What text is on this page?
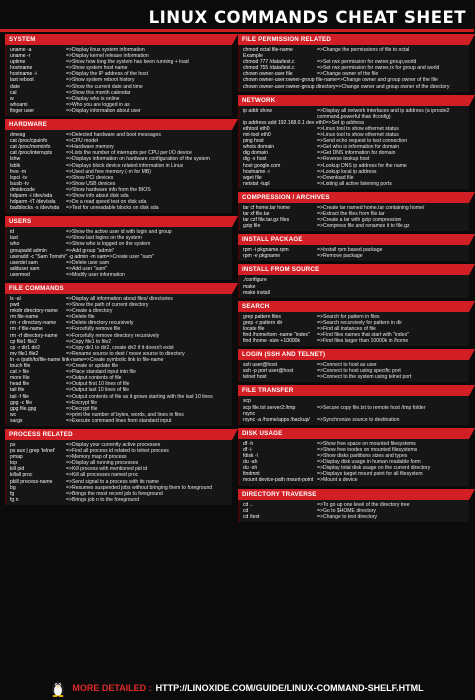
LINUX COMMANDS CHEAT SHEET
SYSTEM
uname -a	=>Display linux system information
uname -r	=>Display kernel release information
uptime	=>Show how long the system has been running + load
hostname	=>Show system host name
hostname -i	=>Display the IP address of the host
last reboot	=>Show system reboot history
date	=>Show the current date and time
cal	=>Show this month calendar
w	=>Display who is online
whoami	=>Who you are logged in as
finger user	=>Display information about user
HARDWARE
dmesg	=>Detected hardware and boot messages
cat /proc/cpuinfo	=>CPU model
cat /proc/meminfo	=>Hardware memory
cat /proc/interrupts	=>Lists the number of interrupts per CPU per I/O device
lshw	=>Displays information on hardware configuration of the system
lsblk	=>Displays block device related information in Linux
free -m	=>Used and free memory (-m for MB)
lspci -tv	=>Show PCI devices
lsusb -tv	=>Show USB devices
dmidecode	=>Show hardware info from the BIOS
hdparm -i /dev/sda	=>Show info about disk sda
hdparm -tT /dev/sda	=>Do a read speed test on disk sda
badblocks -s /dev/sda	=>Test for unreadable blocks on disk sda
USERS
id	=>Show the active user id with login and group
last	=>Show last logins on the system
who	=>Show who is logged on the system
groupadd admin	=>Add group "admin"
useradd -c "Sam Tomshi" -g admin -m sam =>Create user "sam"
userdel sam	=>Delete user sam
adduser sam	=>Add user "sam"
usermod	=>Modify user information
FILE COMMANDS
ls -al	=>Display all information about files/ directories
pwd	=>Show the path of current directory
mkdir directory-name	=>Create a directory
rm file-name	=>Delete file
rm -r directory-name	=>Delete directory recursively
rm -f file-name	=>Forcefully remove file
rm -rf directory-name	=>Forcefully remove directory recursively
cp file1 file2	=>Copy file1 to file2
cp -r dir1 dir2	=>Copy dir1 to dir2, create dir2 if it doesn't exist
mv file1 file2	=>Rename source to dest / move source to directory
ln -s /path/to/file-name link-name =>Create symbolic link to file-name
touch file	=>Create or update file
cat > file	=>Place standard input into file
more file	=>Output contents of file
head file	=>Output first 10 lines of file
tail file	=>Output last 10 lines of file
tail -f file	=>Output contents of file as it grows starting with the last 10 lines
gpg -c file	=>Encrypt file
gpg file.gpg	=>Decrypt file
wc	=>print the number of bytes, words, and lines in files
xargs	=>Execute command lines from standard input
PROCESS RELATED
ps	=>Display your currently active processes
ps aux | grep 'telnet'	=>Find all process id related to telnet process
pmap	=>Memory map of process
top	=>Display all running processes
kill pid	=>Kill process with mentioned pid id
killall proc	=>Kill all processes named proc
pkill process-name	=>Send signal to a process with its name
bg	=>Resumes suspended jobs without bringing them to foreground
fg	=>Brings the most recent job to foreground
fg n	=>Brings job n to the foreground
FILE PERMISSION RELATED
chmod octal file-name	=>Change the permissions of file to octal
Example
chmod 777 /data/test.c	=>Set rwx permission for owner,group,world
chmod 755 /data/test.c	=>Set rwx permission for owner,rx for group and world
chown owner-user file	=>Change owner of the file
chown owner-user:owner-group file-name =>Change owner and group owner of the file
chown owner-user:owner-group directory =>Change owner and group owner of the directory
NETWORK
ip addr show	=>Display all network interfaces and ip address (a iproute2 command,powerful than ifconfig)
ip address add 192.168.0.1 dev eth0 =>Set ip address
ethtool eth0	=>Linux tool to show ethernet status
mii-tool eth0	=>Linux tool to show ethernet status
ping host	=>Send echo request to test connection
whois domain	=>Get who is information for domain
dig domain	=>Get DNS information for domain
dig -x host	=>Reverse lookup host
host google.com	=>Lookup DNS ip address for the name
hostname -i	=>Lookup local ip address
wget file	=>Download file
netstat -tupl	=>Listing all active listening ports
COMPRESSION / ARCHIVES
tar cf home.tar home	=>Create tar named home.tar containing home/
tar xf file.tar	=>Extract the files from file.tar
tar czf file.tar.gz files	=>Create a tar with gzip compression
gzip file	=>Compress file and renames it to file.gz
INSTALL PACKAGE
rpm -i pkgname.rpm	=>Install rpm based package
rpm -e pkgname	=>Remove package
INSTALL FROM SOURCE
./configure
make
make install
SEARCH
grep pattern files	=>Search for pattern in files
grep -r pattern dir	=>Search recursively for pattern in dir
locate file	=>Find all instances of file
find /home/tom -name "index"	=>Find files names that start with "index"
find /home -size +10000k	=>Find files larger than 10000k in /home
LOGIN (SSH AND TELNET)
ssh user@host	=>Connect to host as user
ssh -p port user@host	=>Connect to host using specific port
telnet host	=>Connect to the system using telnet port
FILE TRANSFER
scp
scp file.txt server2:/tmp	=>Secure copy file.txt to remote host /tmp folder
rsync
rsync -a /home/apps /backup/	=>Synchronize source to destination
DISK USAGE
df -h	=>Show free space on mounted filesystems
df -i	=>Show free inodes on mounted filesystems
fdisk -l	=>Show disks partitions sizes and types
du -ah	=>Display disk usage in human readable form
du -sh	=>Display total disk usage on the current directory
findmnt	=>Displays target mount point for all filesystem
mount device-path mount-point =>Mount a device
DIRECTORY TRAVERSE
cd ..	=>To go up one level of the directory tree
cd	=>Go to $HOME directory
cd /test	=>Change to test directory
MORE DETAILED : HTTP://LINOXIDE.COM/GUIDE/LINUX-COMMAND-SHELF.HTML
